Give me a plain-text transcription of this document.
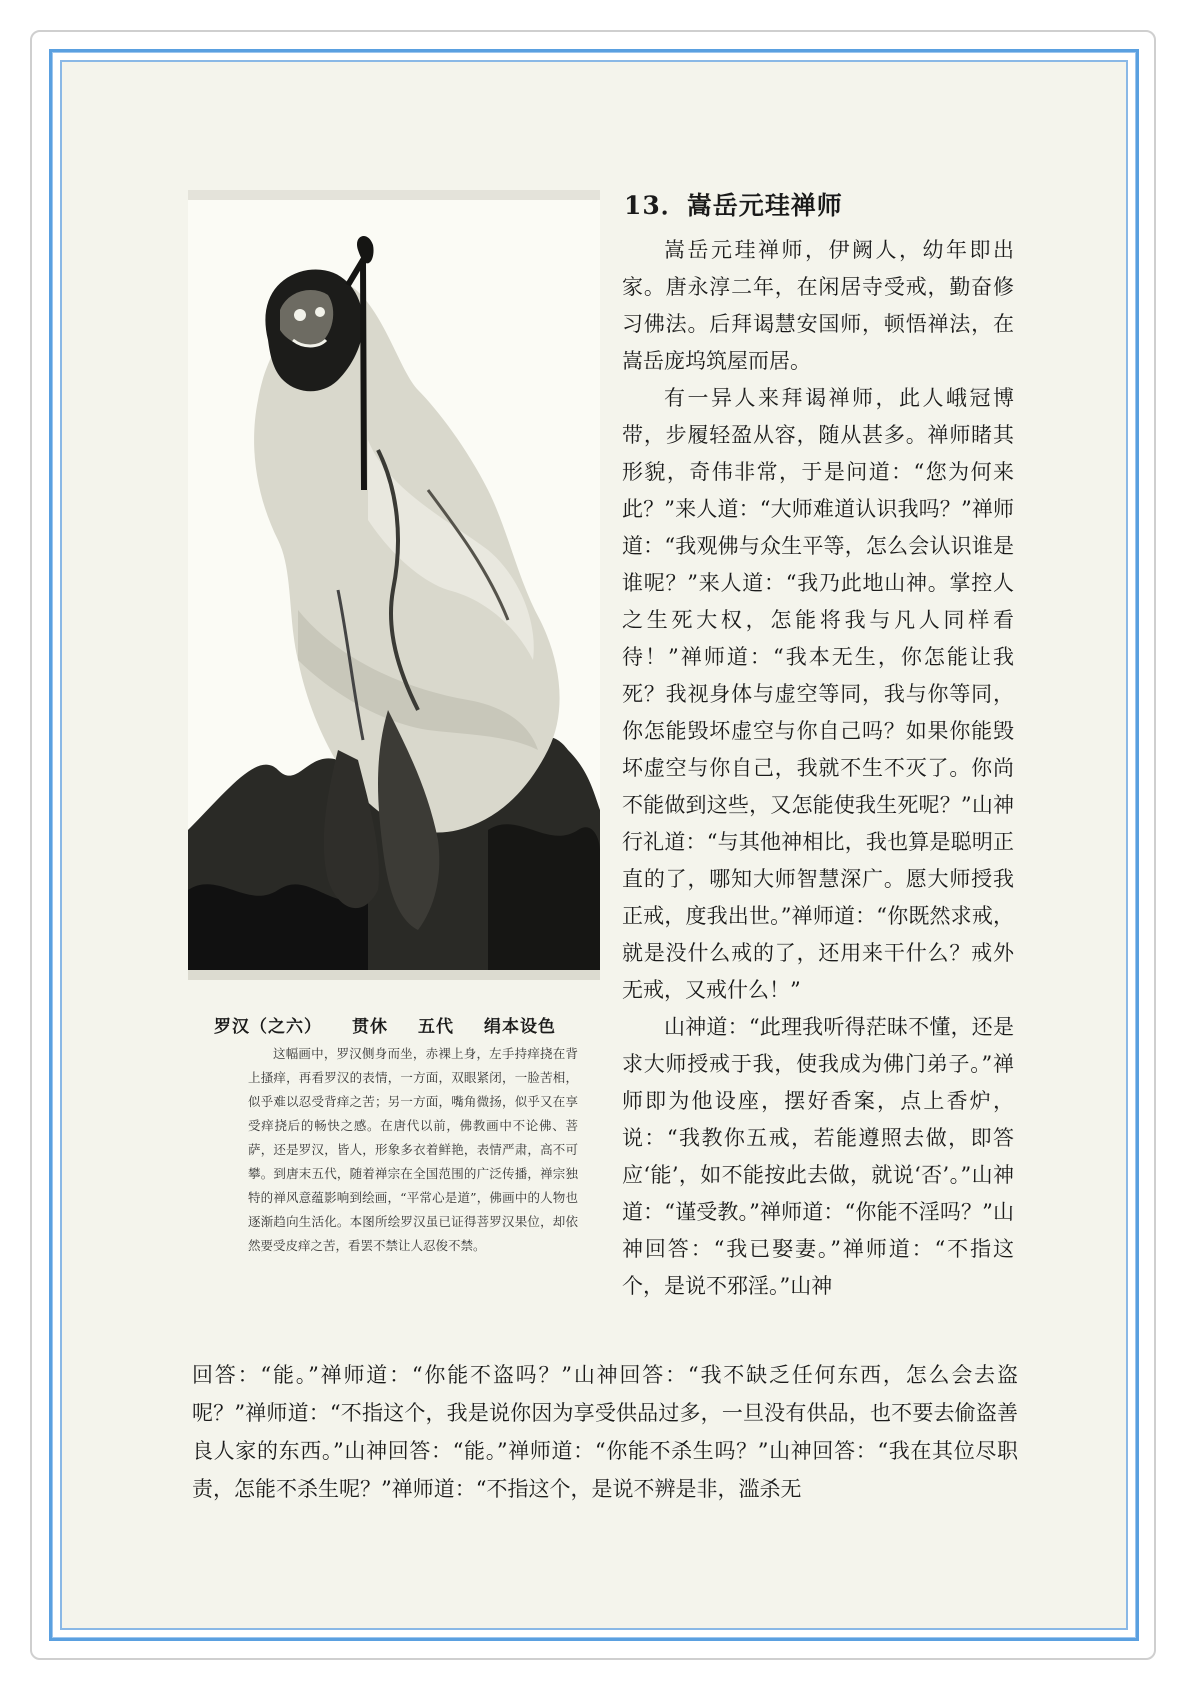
罗汉（之六） 贯休 五代 绢本设色
这幅画中，罗汉侧身而坐，赤裸上身，左手持痒挠在背上搔痒，再看罗汉的表情，一方面，双眼紧闭，一脸苦相，似乎难以忍受背痒之苦；另一方面，嘴角微扬，似乎又在享受痒挠后的畅快之感。在唐代以前，佛教画中不论佛、菩萨，还是罗汉，皆人，形象多衣着鲜艳，表情严肃，高不可攀。到唐末五代，随着禅宗在全国范围的广泛传播，禅宗独特的禅风意蕴影响到绘画，“平常心是道”，佛画中的人物也逐渐趋向生活化。本图所绘罗汉虽已证得菩罗汉果位，却依然要受皮痒之苦，看罢不禁让人忍俊不禁。
13．嵩岳元珪禅师

嵩岳元珪禅师，伊阙人，幼年即出家。唐永淳二年，在闲居寺受戒，勤奋修习佛法。后拜谒慧安国师，顿悟禅法，在嵩岳庞坞筑屋而居。

有一异人来拜谒禅师，此人峨冠博带，步履轻盈从容，随从甚多。禅师睹其形貌，奇伟非常，于是问道：“您为何来此？”来人道：“大师难道认识我吗？”禅师道：“我观佛与众生平等，怎么会认识谁是谁呢？”来人道：“我乃此地山神。掌控人之生死大权，怎能将我与凡人同样看待！”禅师道：“我本无生，你怎能让我死？我视身体与虚空等同，我与你等同，你怎能毁坏虚空与你自己吗？如果你能毁坏虚空与你自己，我就不生不灭了。你尚不能做到这些，又怎能使我生死呢？”山神行礼道：“与其他神相比，我也算是聪明正直的了，哪知大师智慧深广。愿大师授我正戒，度我出世。”禅师道：“你既然求戒，就是没什么戒的了，还用来干什么？戒外无戒，又戒什么！”

山神道：“此理我听得茫昧不懂，还是求大师授戒于我，使我成为佛门弟子。”禅师即为他设座，摆好香案，点上香炉，说：“我教你五戒，若能遵照去做，即答应‘能’，如不能按此去做，就说‘否’。”山神道：“谨受教。”禅师道：“你能不淫吗？”山神回答：“我已娶妻。”禅师道：“不指这个，是说不邪淫。”山神

回答：“能。”禅师道：“你能不盗吗？”山神回答：“我不缺乏任何东西，怎么会去盗呢？”禅师道：“不指这个，我是说你因为享受供品过多，一旦没有供品，也不要去偷盗善良人家的东西。”山神回答：“能。”禅师道：“你能不杀生吗？”山神回答：“我在其位尽职责，怎能不杀生呢？”禅师道：“不指这个，是说不辨是非，滥杀无
